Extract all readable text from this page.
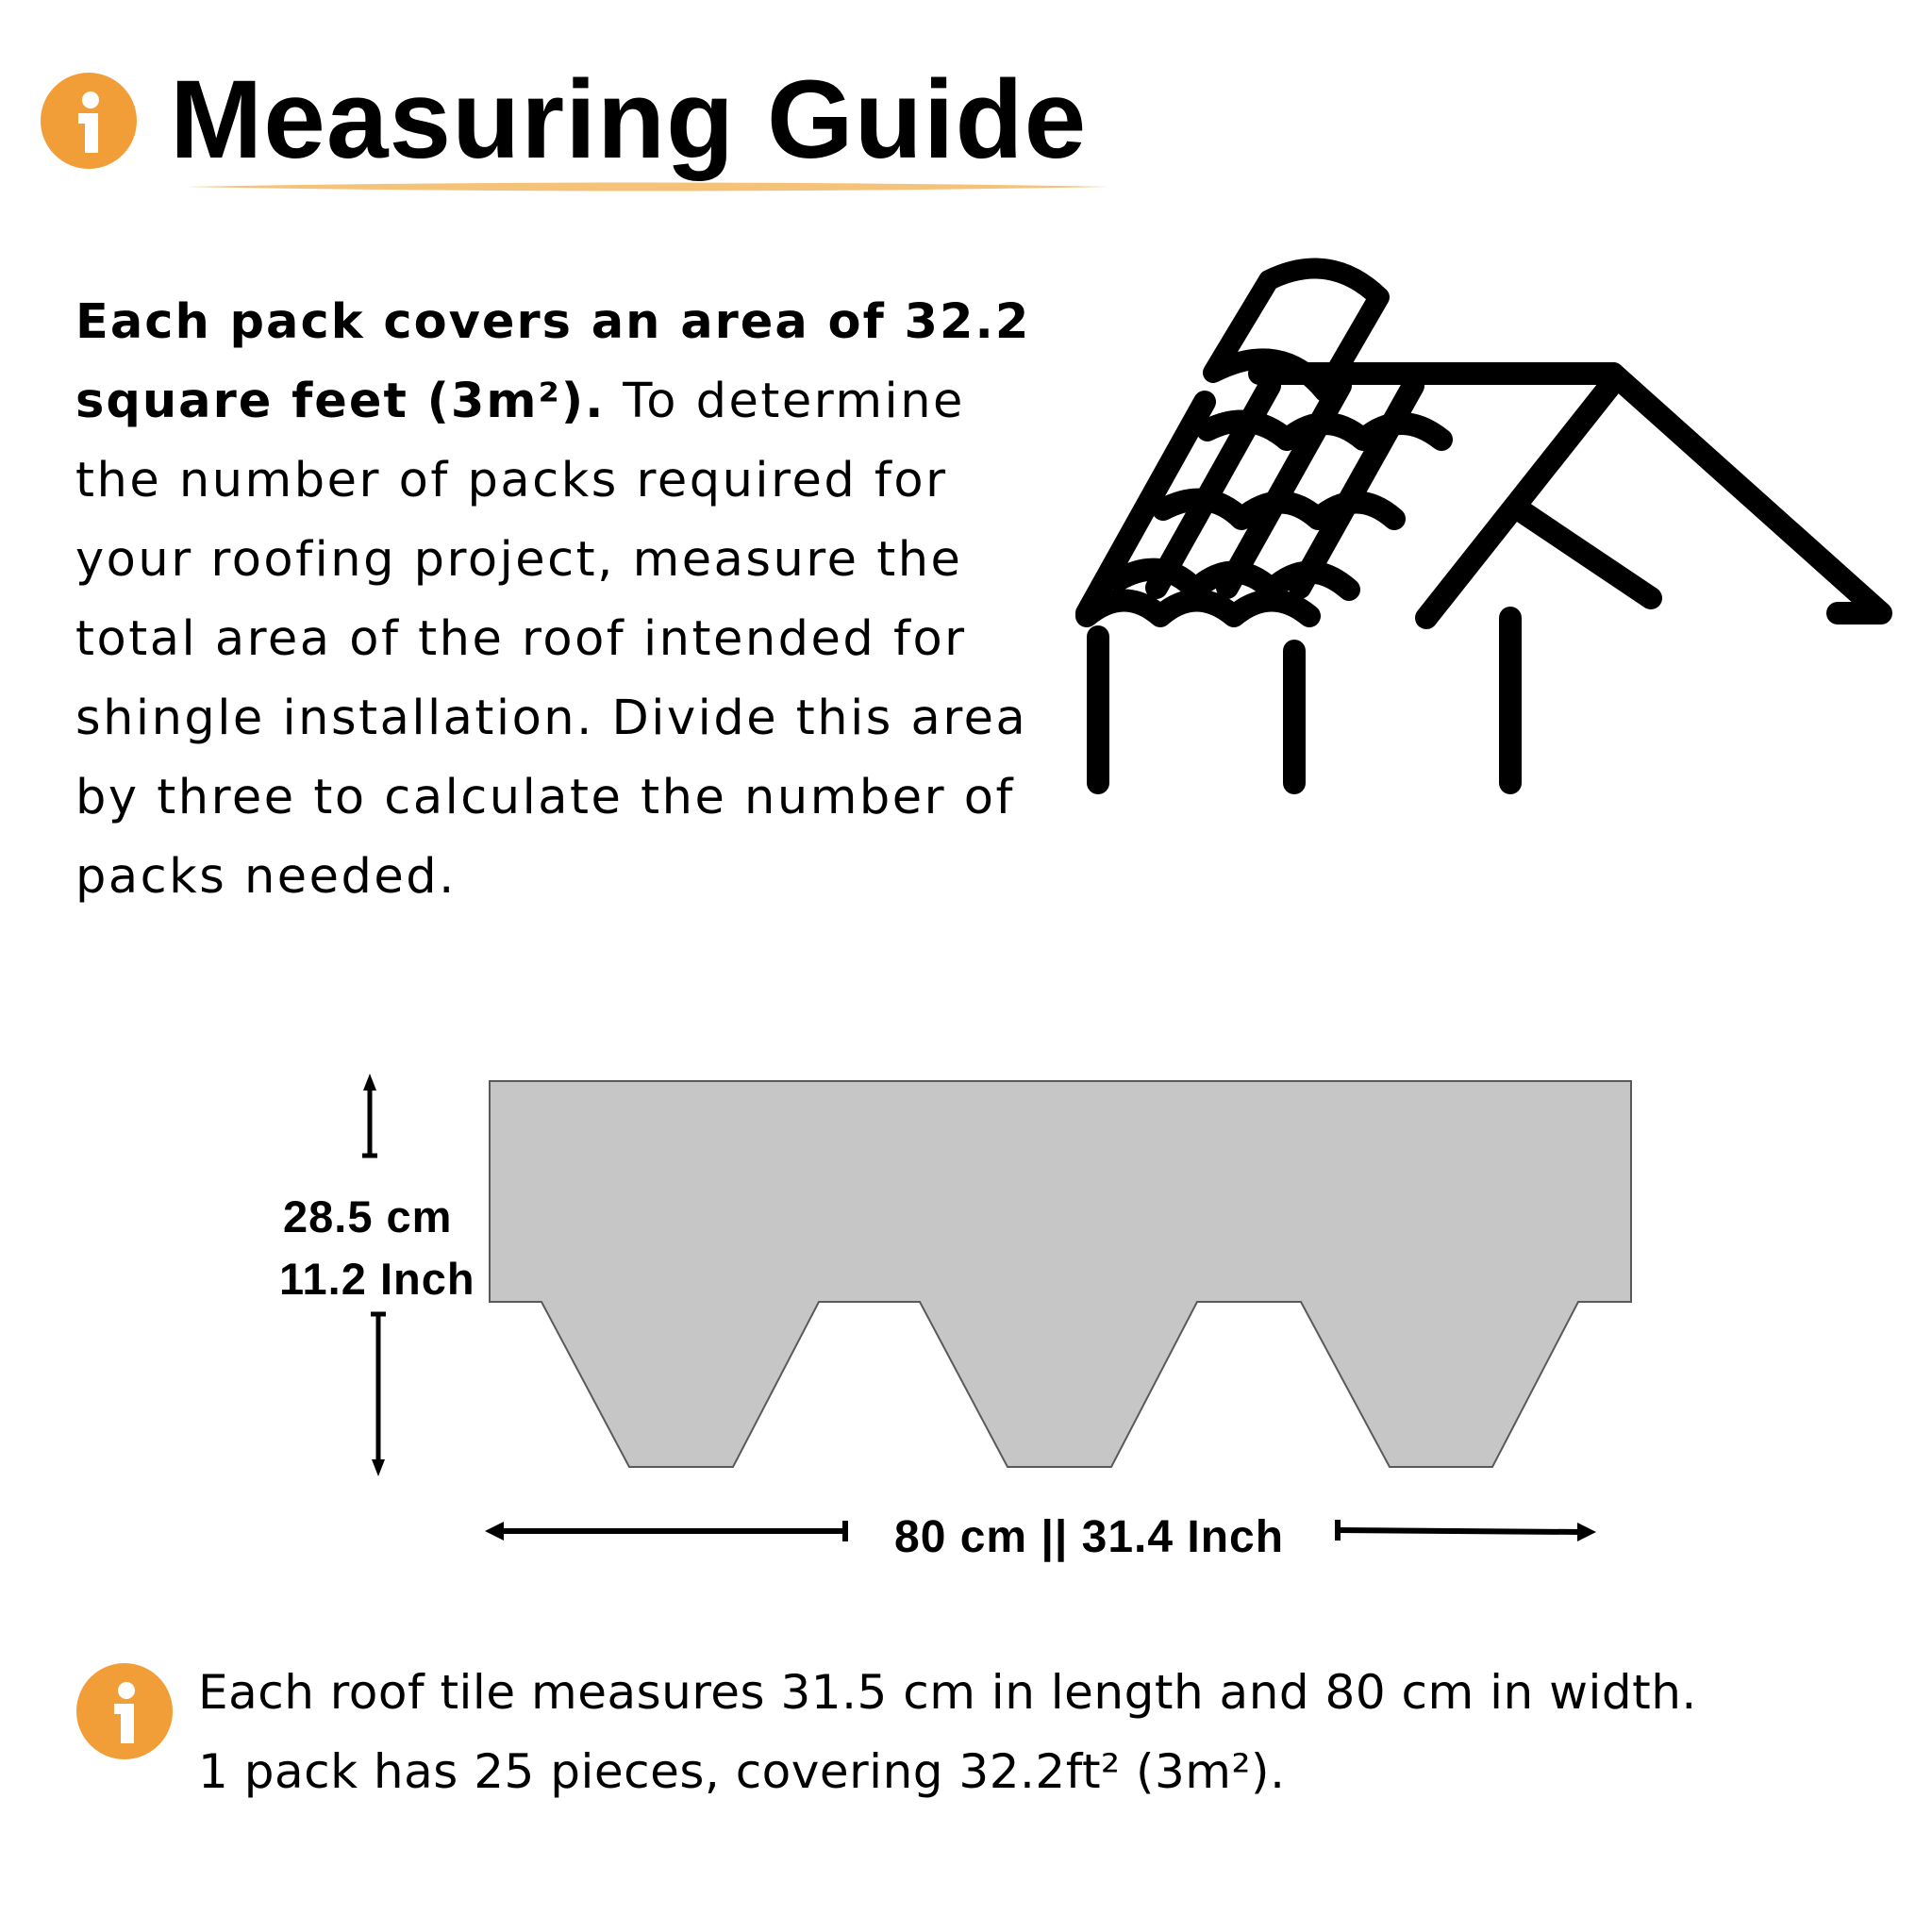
Measuring Guide

Each pack covers an area of 32.2 square feet (3m²). To determine the number of packs required for your roofing project, measure the total area of the roof intended for shingle installation. Divide this area by three to calculate the number of packs needed.

28.5 cm
11.2 Inch
80 cm || 31.4 Inch

Each roof tile measures 31.5 cm in length and 80 cm in width.
1 pack has 25 pieces, covering 32.2ft² (3m²).
